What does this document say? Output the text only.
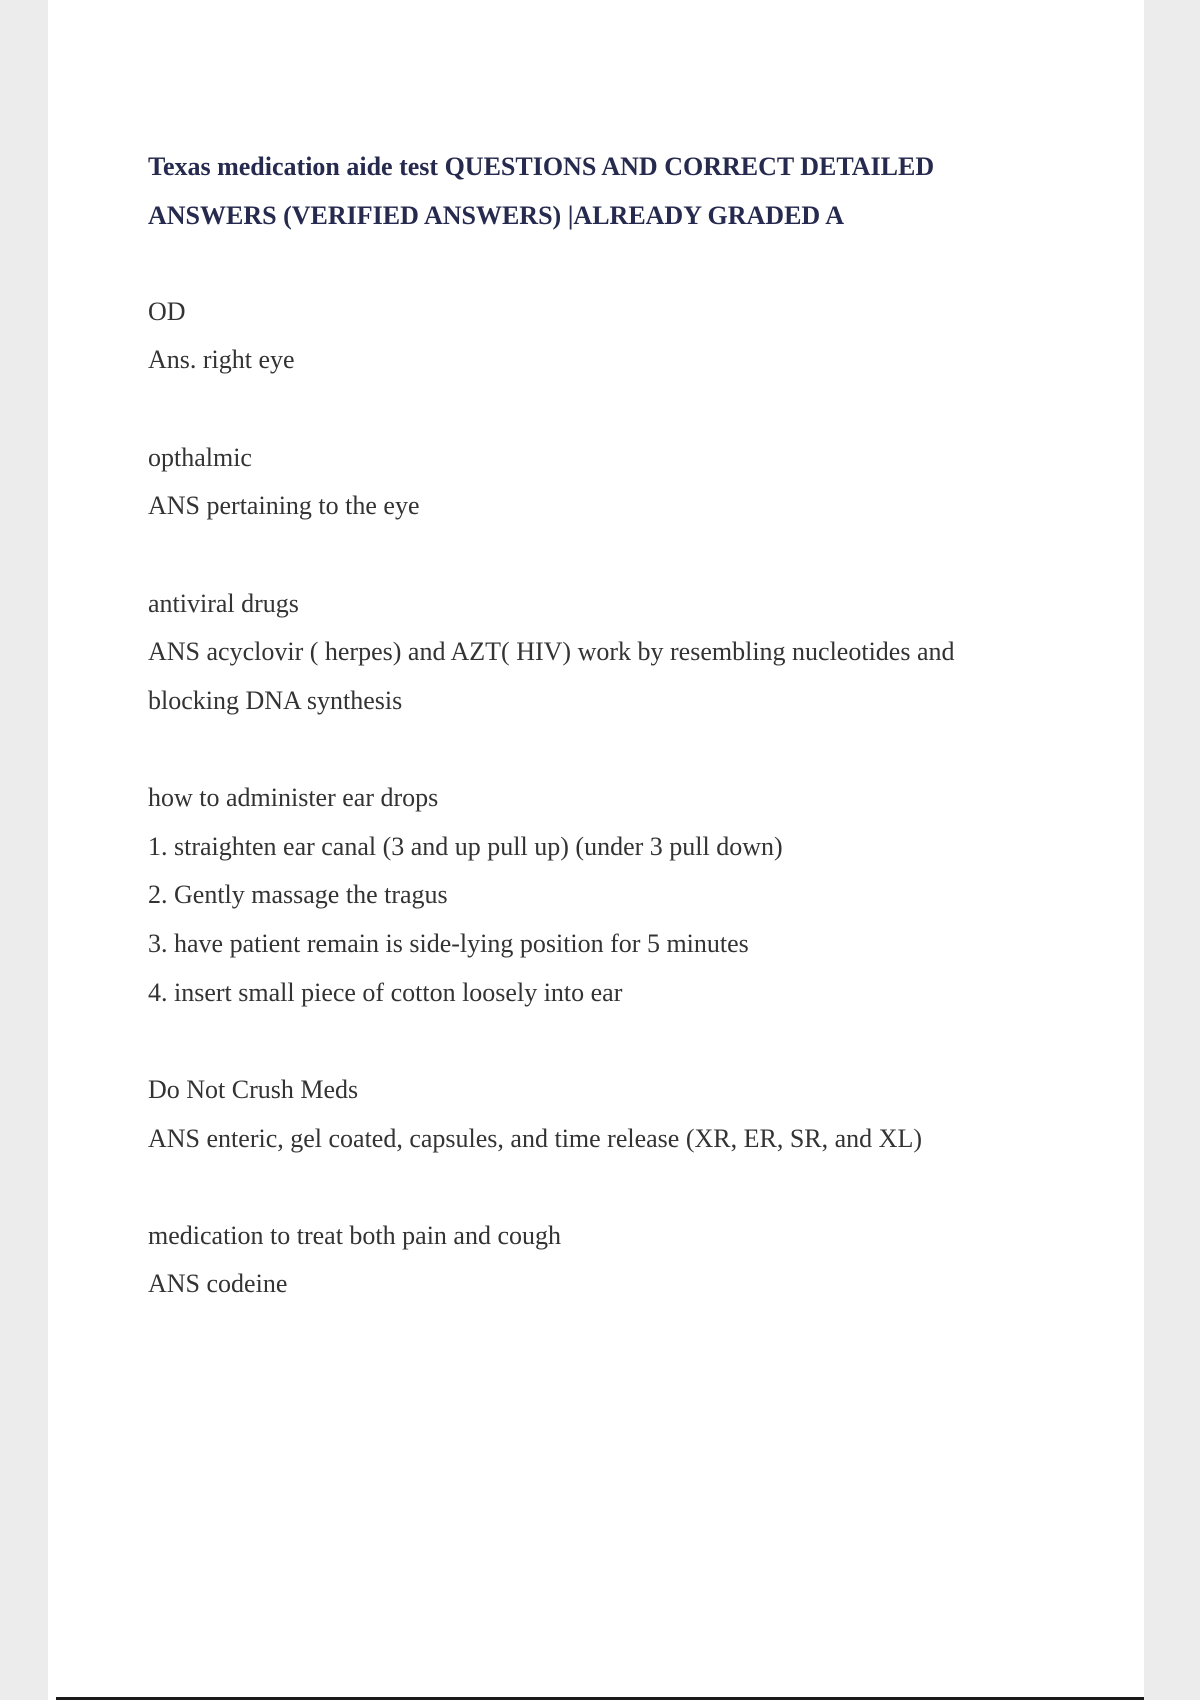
Texas medication aide test QUESTIONS AND CORRECT DETAILED
ANSWERS (VERIFIED ANSWERS) |ALREADY GRADED A

OD

Ans. right eye

opthalmic

ANS pertaining to the eye

antiviral drugs

ANS acyclovir ( herpes) and AZT( HIV) work by resembling nucleotides and

blocking DNA synthesis

how to administer ear drops

1. straighten ear canal (3 and up pull up) (under 3 pull down)

2. Gently massage the tragus

3. have patient remain is side-lying position for 5 minutes

4. insert small piece of cotton loosely into ear

Do Not Crush Meds

ANS enteric, gel coated, capsules, and time release (XR, ER, SR, and XL)

medication to treat both pain and cough

ANS codeine
